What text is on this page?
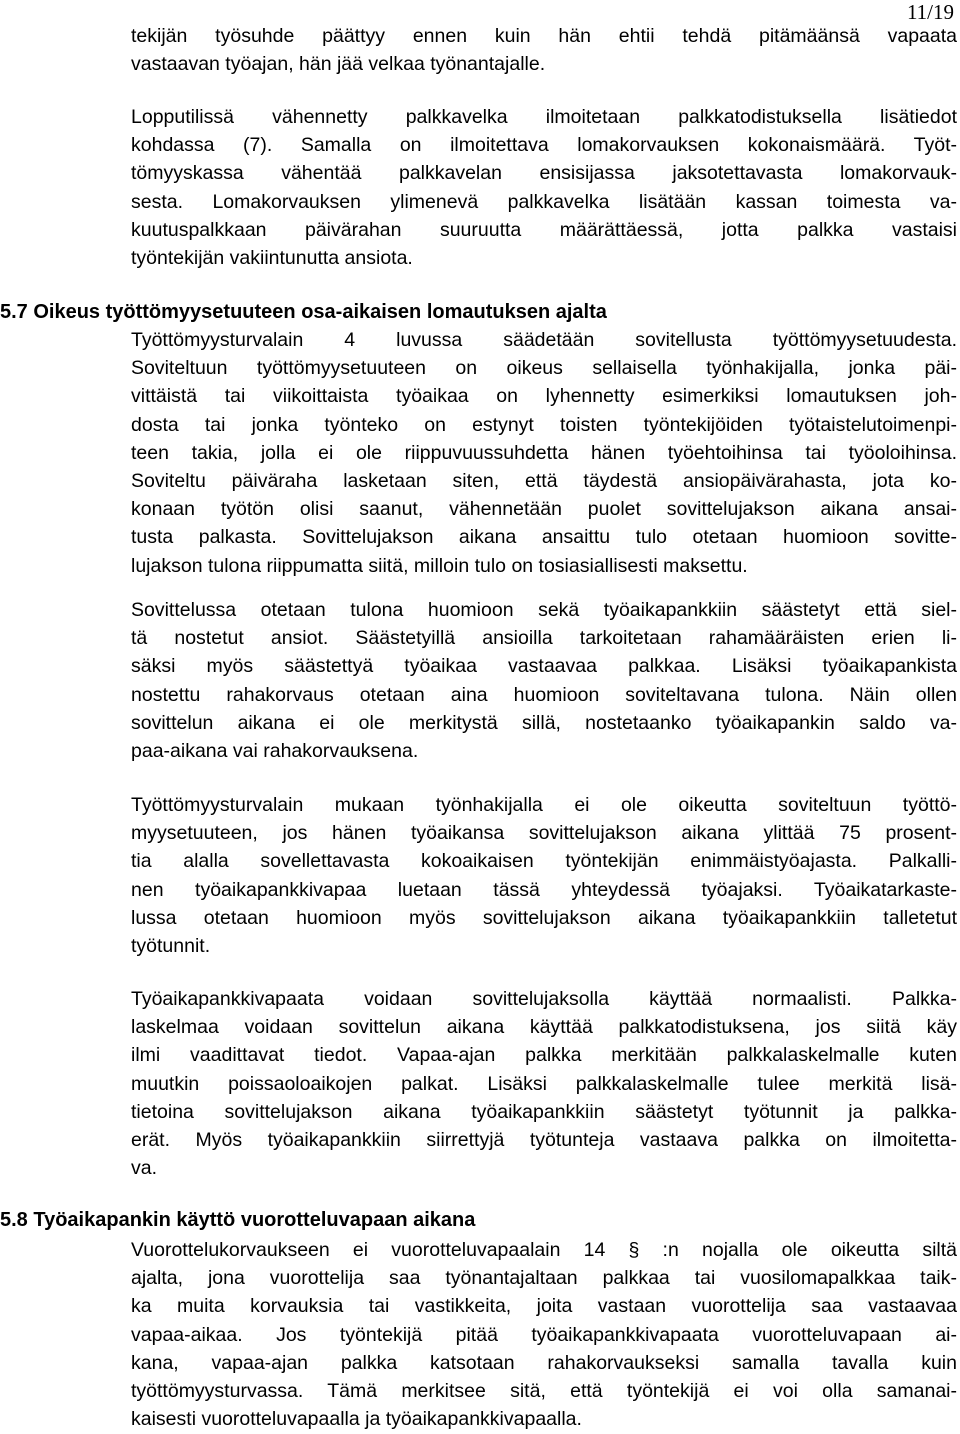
11/19
tekijän työsuhde päättyy ennen kuin hän ehtii tehdä pitämäänsä vapaata
vastaavan työajan, hän jää velkaa työnantajalle.
Lopputilissä vähennetty palkkavelka ilmoitetaan palkkatodistuksella lisätiedot
kohdassa (7). Samalla on ilmoitettava lomakorvauksen kokonaismäärä. Työt-
tömyyskassa vähentää palkkavelan ensisijassa jaksotettavasta lomakorvauk-
sesta. Lomakorvauksen ylimenevä palkkavelka lisätään kassan toimesta va-
kuutuspalkkaan päivärahan suuruutta määrättäessä, jotta palkka vastaisi
työntekijän vakiintunutta ansiota.
5.7 Oikeus työttömyysetuuteen osa-aikaisen lomautuksen ajalta
Työttömyysturvalain 4 luvussa säädetään sovitellusta työttömyysetuudesta.
Soviteltuun työttömyysetuuteen on oikeus sellaisella työnhakijalla, jonka päi-
vittäistä tai viikoittaista työaikaa on lyhennetty esimerkiksi lomautuksen joh-
dosta tai jonka työnteko on estynyt toisten työntekijöiden työtaistelutoimenpi-
teen takia, jolla ei ole riippuvuussuhdetta hänen työehtoihinsa tai työoloihinsa.
Soviteltu päiväraha lasketaan siten, että täydestä ansiopäivärahasta, jota ko-
konaan työtön olisi saanut, vähennetään puolet sovittelujakson aikana ansai-
tusta palkasta. Sovittelujakson aikana ansaittu tulo otetaan huomioon sovitte-
lujakson tulona riippumatta siitä, milloin tulo on tosiasiallisesti maksettu.
Sovittelussa otetaan tulona huomioon sekä työaikapankkiin säästetyt että siel-
tä nostetut ansiot. Säästetyillä ansioilla tarkoitetaan rahamääräisten erien li-
säksi myös säästettyä työaikaa vastaavaa palkkaa. Lisäksi työaikapankista
nostettu rahakorvaus otetaan aina huomioon soviteltavana tulona. Näin ollen
sovittelun aikana ei ole merkitystä sillä, nostetaanko työaikapankin saldo va-
paa-aikana vai rahakorvauksena.
Työttömyysturvalain mukaan työnhakijalla ei ole oikeutta soviteltuun työttö-
myysetuuteen, jos hänen työaikansa sovittelujakson aikana ylittää 75 prosent-
tia alalla sovellettavasta kokoaikaisen työntekijän enimmäistyöajasta. Palkalli-
nen työaikapankkivapaa luetaan tässä yhteydessä työajaksi. Työaikatarkaste-
lussa otetaan huomioon myös sovittelujakson aikana työaikapankkiin talletetut
työtunnit.
Työaikapankkivapaata voidaan sovittelujaksolla käyttää normaalisti. Palkka-
laskelmaa voidaan sovittelun aikana käyttää palkkatodistuksena, jos siitä käy
ilmi vaadittavat tiedot. Vapaa-ajan palkka merkitään palkkalaskelmalle kuten
muutkin poissaoloaikojen palkat. Lisäksi palkkalaskelmalle tulee merkitä lisä-
tietoina sovittelujakson aikana työaikapankkiin säästetyt työtunnit ja palkka-
erät. Myös työaikapankkiin siirrettyjä työtunteja vastaava palkka on ilmoitetta-
va.
5.8 Työaikapankin käyttö vuorotteluvapaan aikana
Vuorottelukorvaukseen ei vuorotteluvapaalain 14 § :n nojalla ole oikeutta siltä
ajalta, jona vuorottelija saa työnantajaltaan palkkaa tai vuosilomapalkkaa taik-
ka muita korvauksia tai vastikkeita, joita vastaan vuorottelija saa vastaavaa
vapaa-aikaa. Jos työntekijä pitää työaikapankkivapaata vuorotteluvapaan ai-
kana, vapaa-ajan palkka katsotaan rahakorvaukseksi samalla tavalla kuin
työttömyysturvassa. Tämä merkitsee sitä, että työntekijä ei voi olla samanai-
kaisesti vuorotteluvapaalla ja työaikapankkivapaalla.
